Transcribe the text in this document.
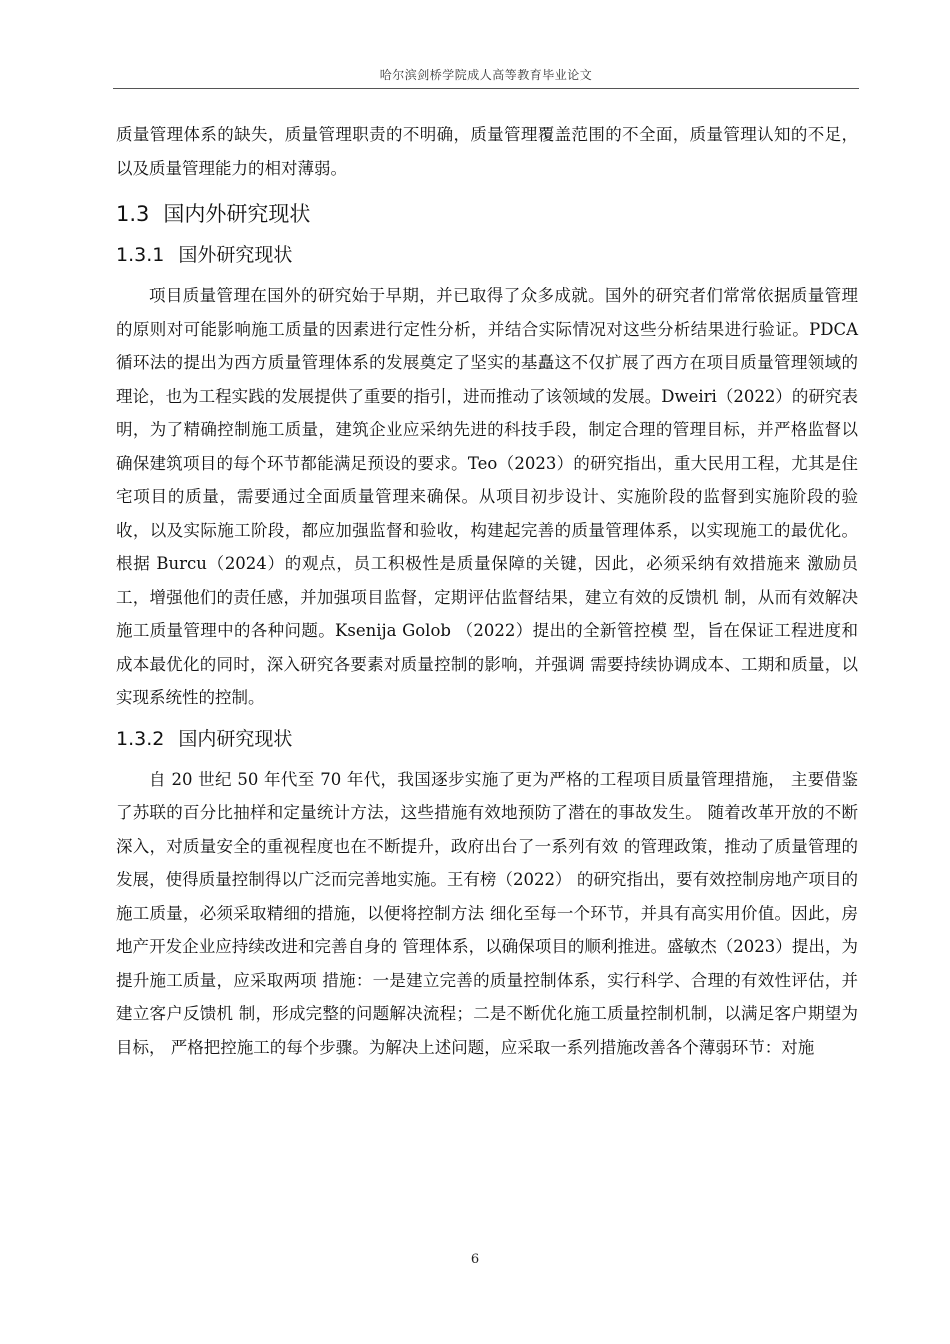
哈尔滨剑桥学院成人高等教育毕业论文

质量管理体系的缺失，质量管理职责的不明确，质量管理覆盖范围的不全面，质量管理认知的不足，以及质量管理能力的相对薄弱。

1.3 国内外研究现状
1.3.1 国外研究现状

项目质量管理在国外的研究始于早期，并已取得了众多成就。国外的研究者们常常依据质量管理的原则对可能影响施工质量的因素进行定性分析，并结合实际情况对这些分析结果进行验证。PDCA 循环法的提出为西方质量管理体系的发展奠定了坚实的基矗这不仅扩展了西方在项目质量管理领域的理论，也为工程实践的发展提供了重要的指引，进而推动了该领域的发展。Dweiri（2022）的研究表明，为了精确控制施工质量，建筑企业应采纳先进的科技手段，制定合理的管理目标，并严格监督以确保建筑项目的每个环节都能满足预设的要求。Teo（2023）的研究指出，重大民用工程，尤其是住宅项目的质量，需要通过全面质量管理来确保。从项目初步设计、实施阶段的监督到实施阶段的验收，以及实际施工阶段，都应加强监督和验收，构建起完善的质量管理体系，以实现施工的最优化。根据 Burcu（2024）的观点，员工积极性是质量保障的关键，因此，必须采纳有效措施来 激励员工，增强他们的责任感，并加强项目监督，定期评估监督结果，建立有效的反馈机 制，从而有效解决施工质量管理中的各种问题。Ksenija Golob （2022）提出的全新管控模 型，旨在保证工程进度和成本最优化的同时，深入研究各要素对质量控制的影响，并强调 需要持续协调成本、工期和质量，以实现系统性的控制。

1.3.2 国内研究现状

自 20 世纪 50 年代至 70 年代，我国逐步实施了更为严格的工程项目质量管理措施， 主要借鉴了苏联的百分比抽样和定量统计方法，这些措施有效地预防了潜在的事故发生。 随着改革开放的不断深入，对质量安全的重视程度也在不断提升，政府出台了一系列有效 的管理政策，推动了质量管理的发展，使得质量控制得以广泛而完善地实施。王有榜（2022） 的研究指出，要有效控制房地产项目的施工质量，必须采取精细的措施，以便将控制方法 细化至每一个环节，并具有高实用价值。因此，房地产开发企业应持续改进和完善自身的 管理体系，以确保项目的顺利推进。盛敏杰（2023）提出，为提升施工质量，应采取两项 措施：一是建立完善的质量控制体系，实行科学、合理的有效性评估，并建立客户反馈机 制，形成完整的问题解决流程；二是不断优化施工质量控制机制，以满足客户期望为目标， 严格把控施工的每个步骤。为解决上述问题，应采取一系列措施改善各个薄弱环节：对施

6
